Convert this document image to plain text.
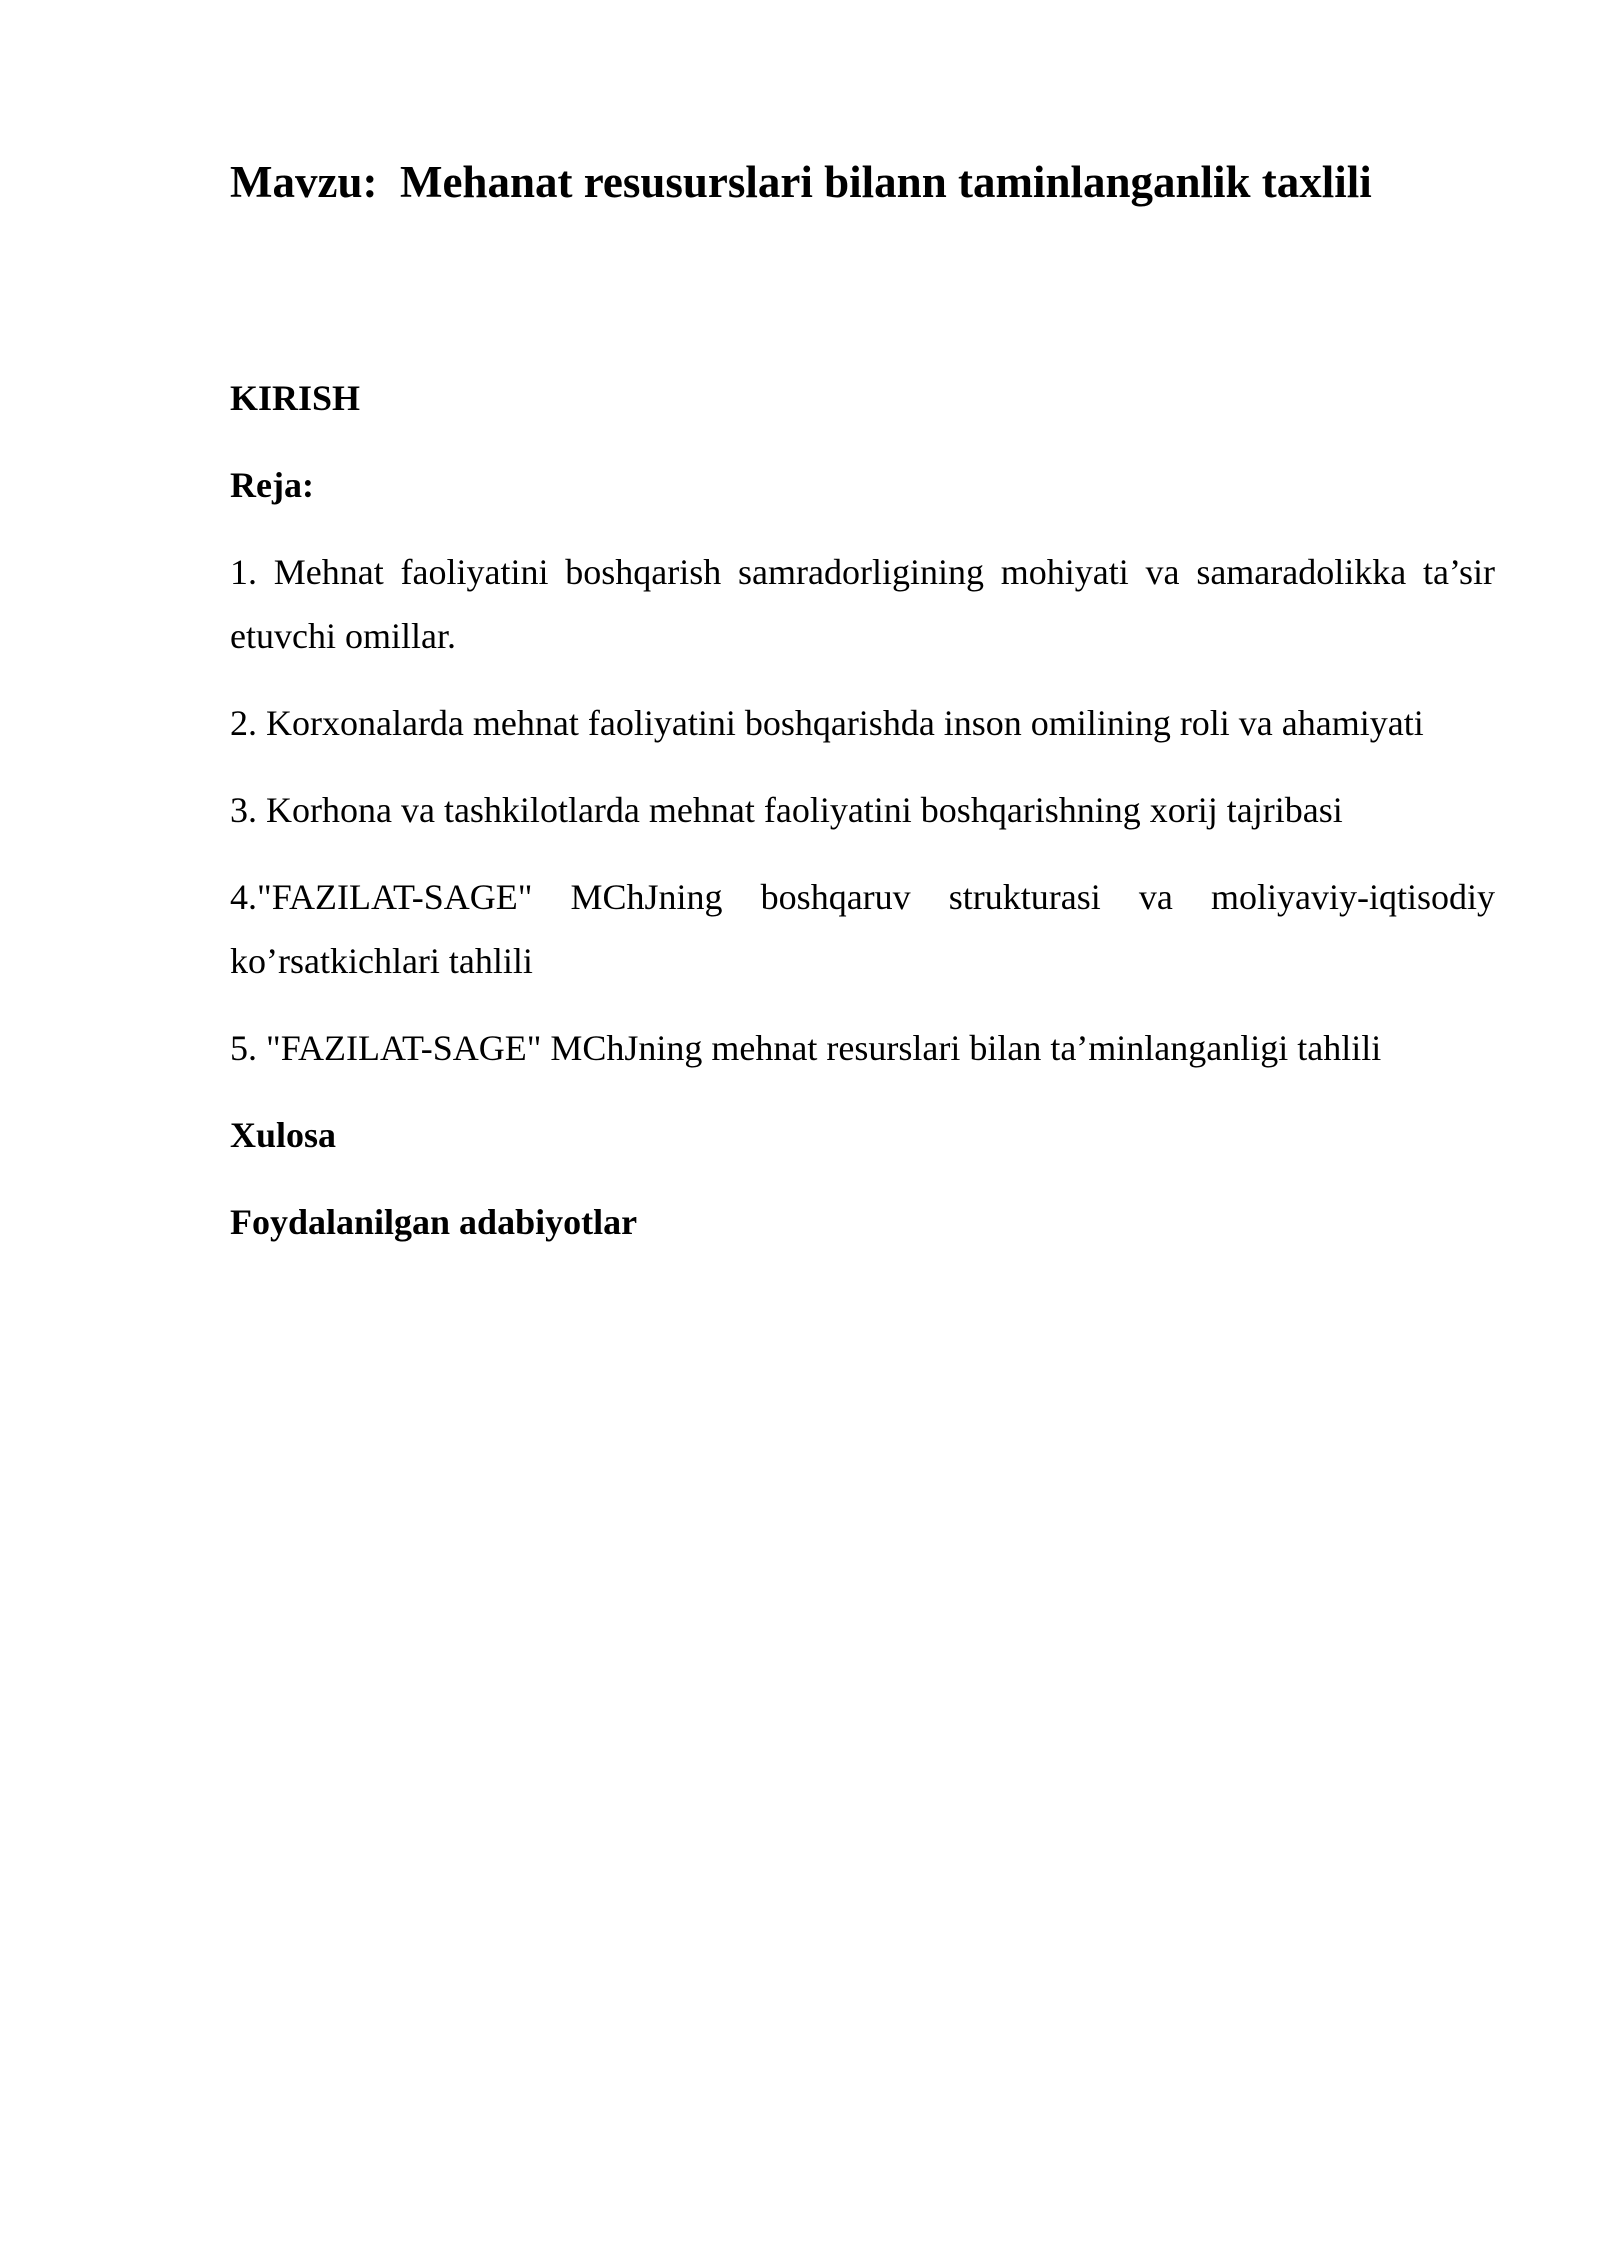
Mavzu: Mehanat resusurslari bilann taminlanganlik taxlili

KIRISH

Reja:

1. Mehnat faoliyatini boshqarish samradorligining mohiyati va samaradolikka ta’sir etuvchi omillar.

2. Korxonalarda mehnat faoliyatini boshqarishda inson omilining roli va ahamiyati

3. Korhona va tashkilotlarda mehnat faoliyatini boshqarishning xorij tajribasi

4."FAZILAT-SAGE" MChJning boshqaruv strukturasi va moliyaviy-iqtisodiy ko’rsatkichlari tahlili

5. "FAZILAT-SAGE" MChJning mehnat resurslari bilan ta’minlanganligi tahlili

Xulosa

Foydalanilgan adabiyotlar
